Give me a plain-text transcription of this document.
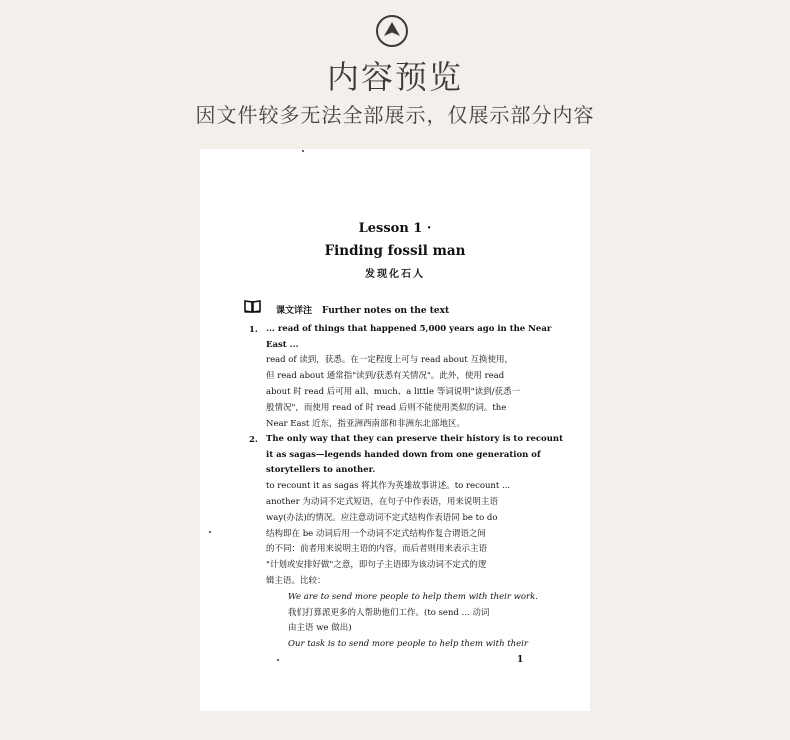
内容预览
因文件较多无法全部展示，仅展示部分内容
Lesson 1 ·
Finding fossil man
发现化石人
课文详注 Further notes on the text
1. ... read of things that happened 5,000 years ago in the Near
East ...
read of 读到，获悉。在一定程度上可与 read about 互换使用，
但 read about 通常指"读到/获悉有关情况"。此外，使用 read
about 时 read 后可用 all、much、a little 等词说明"读到/获悉一
般情况"，而使用 read of 时 read 后则不能使用类似的词。the
Near East 近东，指亚洲西南部和非洲东北部地区。
2. The only way that they can preserve their history is to recount
it as sagas—legends handed down from one generation of
storytellers to another.
to recount it as sagas 将其作为英雄故事讲述。to recount ...
another 为动词不定式短语，在句子中作表语，用来说明主语
way(办法)的情况。应注意动词不定式结构作表语同 be to do
结构即在 be 动词后用一个动词不定式结构作复合谓语之间
的不同：前者用来说明主语的内容，而后者则用来表示主语
"计划或安排好做"之意，即句子主语即为该动词不定式的逻
辑主语。比较：
We are to send more people to help them with their work.
我们打算派更多的人帮助他们工作。(to send ... 动词
由主语 we 做出)
Our task is to send more people to help them with their
1
